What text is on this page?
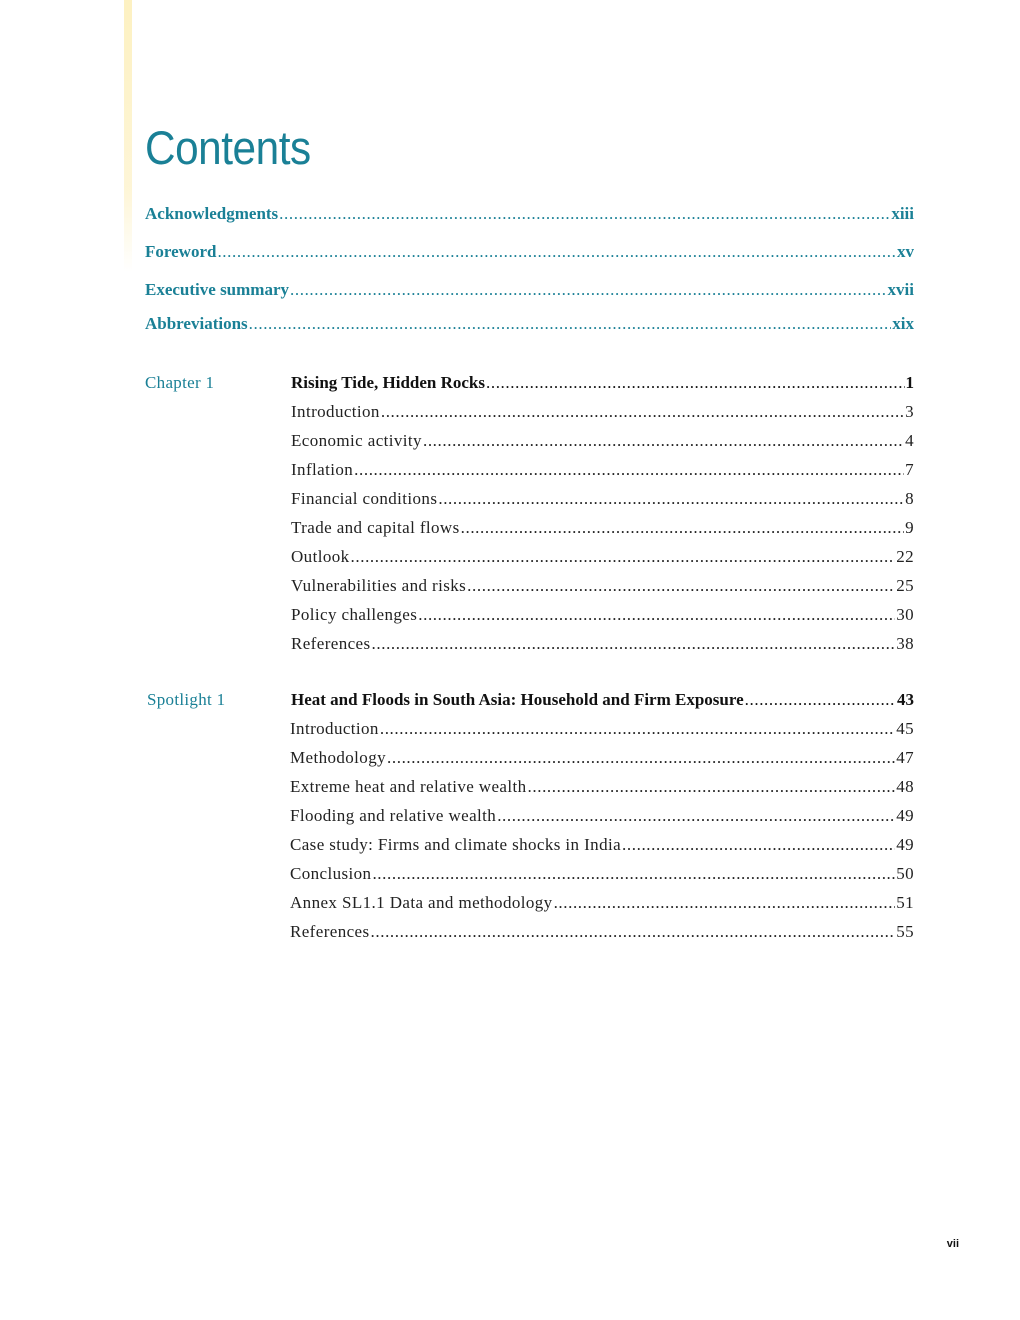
Contents
Acknowledgments .....	xiii
Foreword .....	xv
Executive summary .....	xvii
Abbreviations .....	xix
Chapter 1	Rising Tide, Hidden Rocks .....	1
Introduction .....	3
Economic activity .....	4
Inflation .....	7
Financial conditions .....	8
Trade and capital flows .....	9
Outlook .....	22
Vulnerabilities and risks .....	25
Policy challenges .....	30
References .....	38
Spotlight 1	Heat and Floods in South Asia: Household and Firm Exposure .....	43
Introduction .....	45
Methodology .....	47
Extreme heat and relative wealth .....	48
Flooding and relative wealth .....	49
Case study: Firms and climate shocks in India .....	49
Conclusion .....	50
Annex SL1.1 Data and methodology .....	51
References .....	55
vii
